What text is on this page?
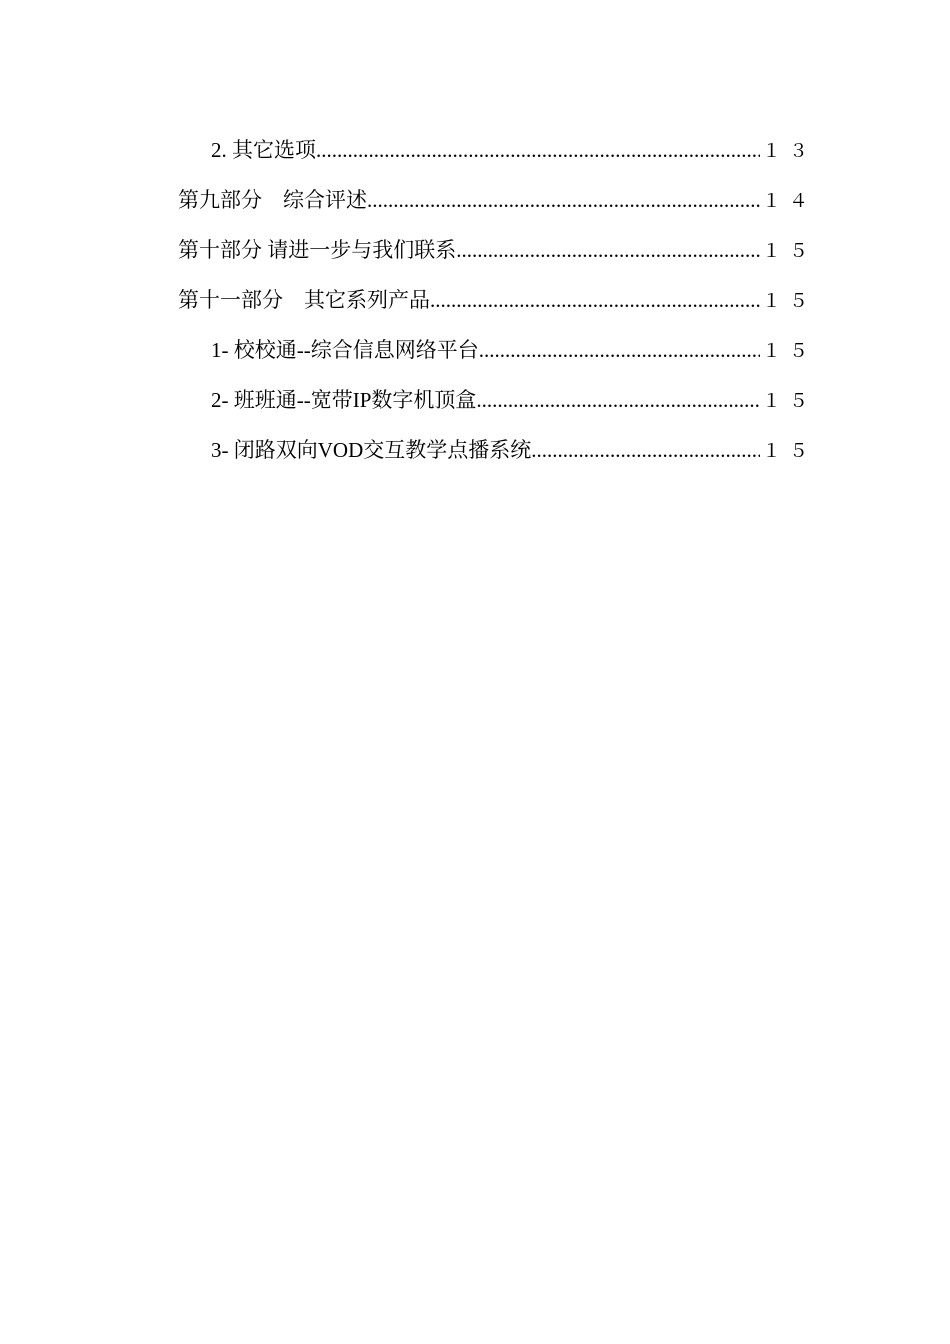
2. 其它选项 .....	１３
第九部分　综合评述 .....	１４
第十部分 请进一步与我们联系 .....	１５
第十一部分　其它系列产品 .....	１５
1- 校校通--综合信息网络平台 .....	１５
2- 班班通--宽带IP数字机顶盒 .....	１５
3- 闭路双向VOD交互教学点播系统 .....	１５
